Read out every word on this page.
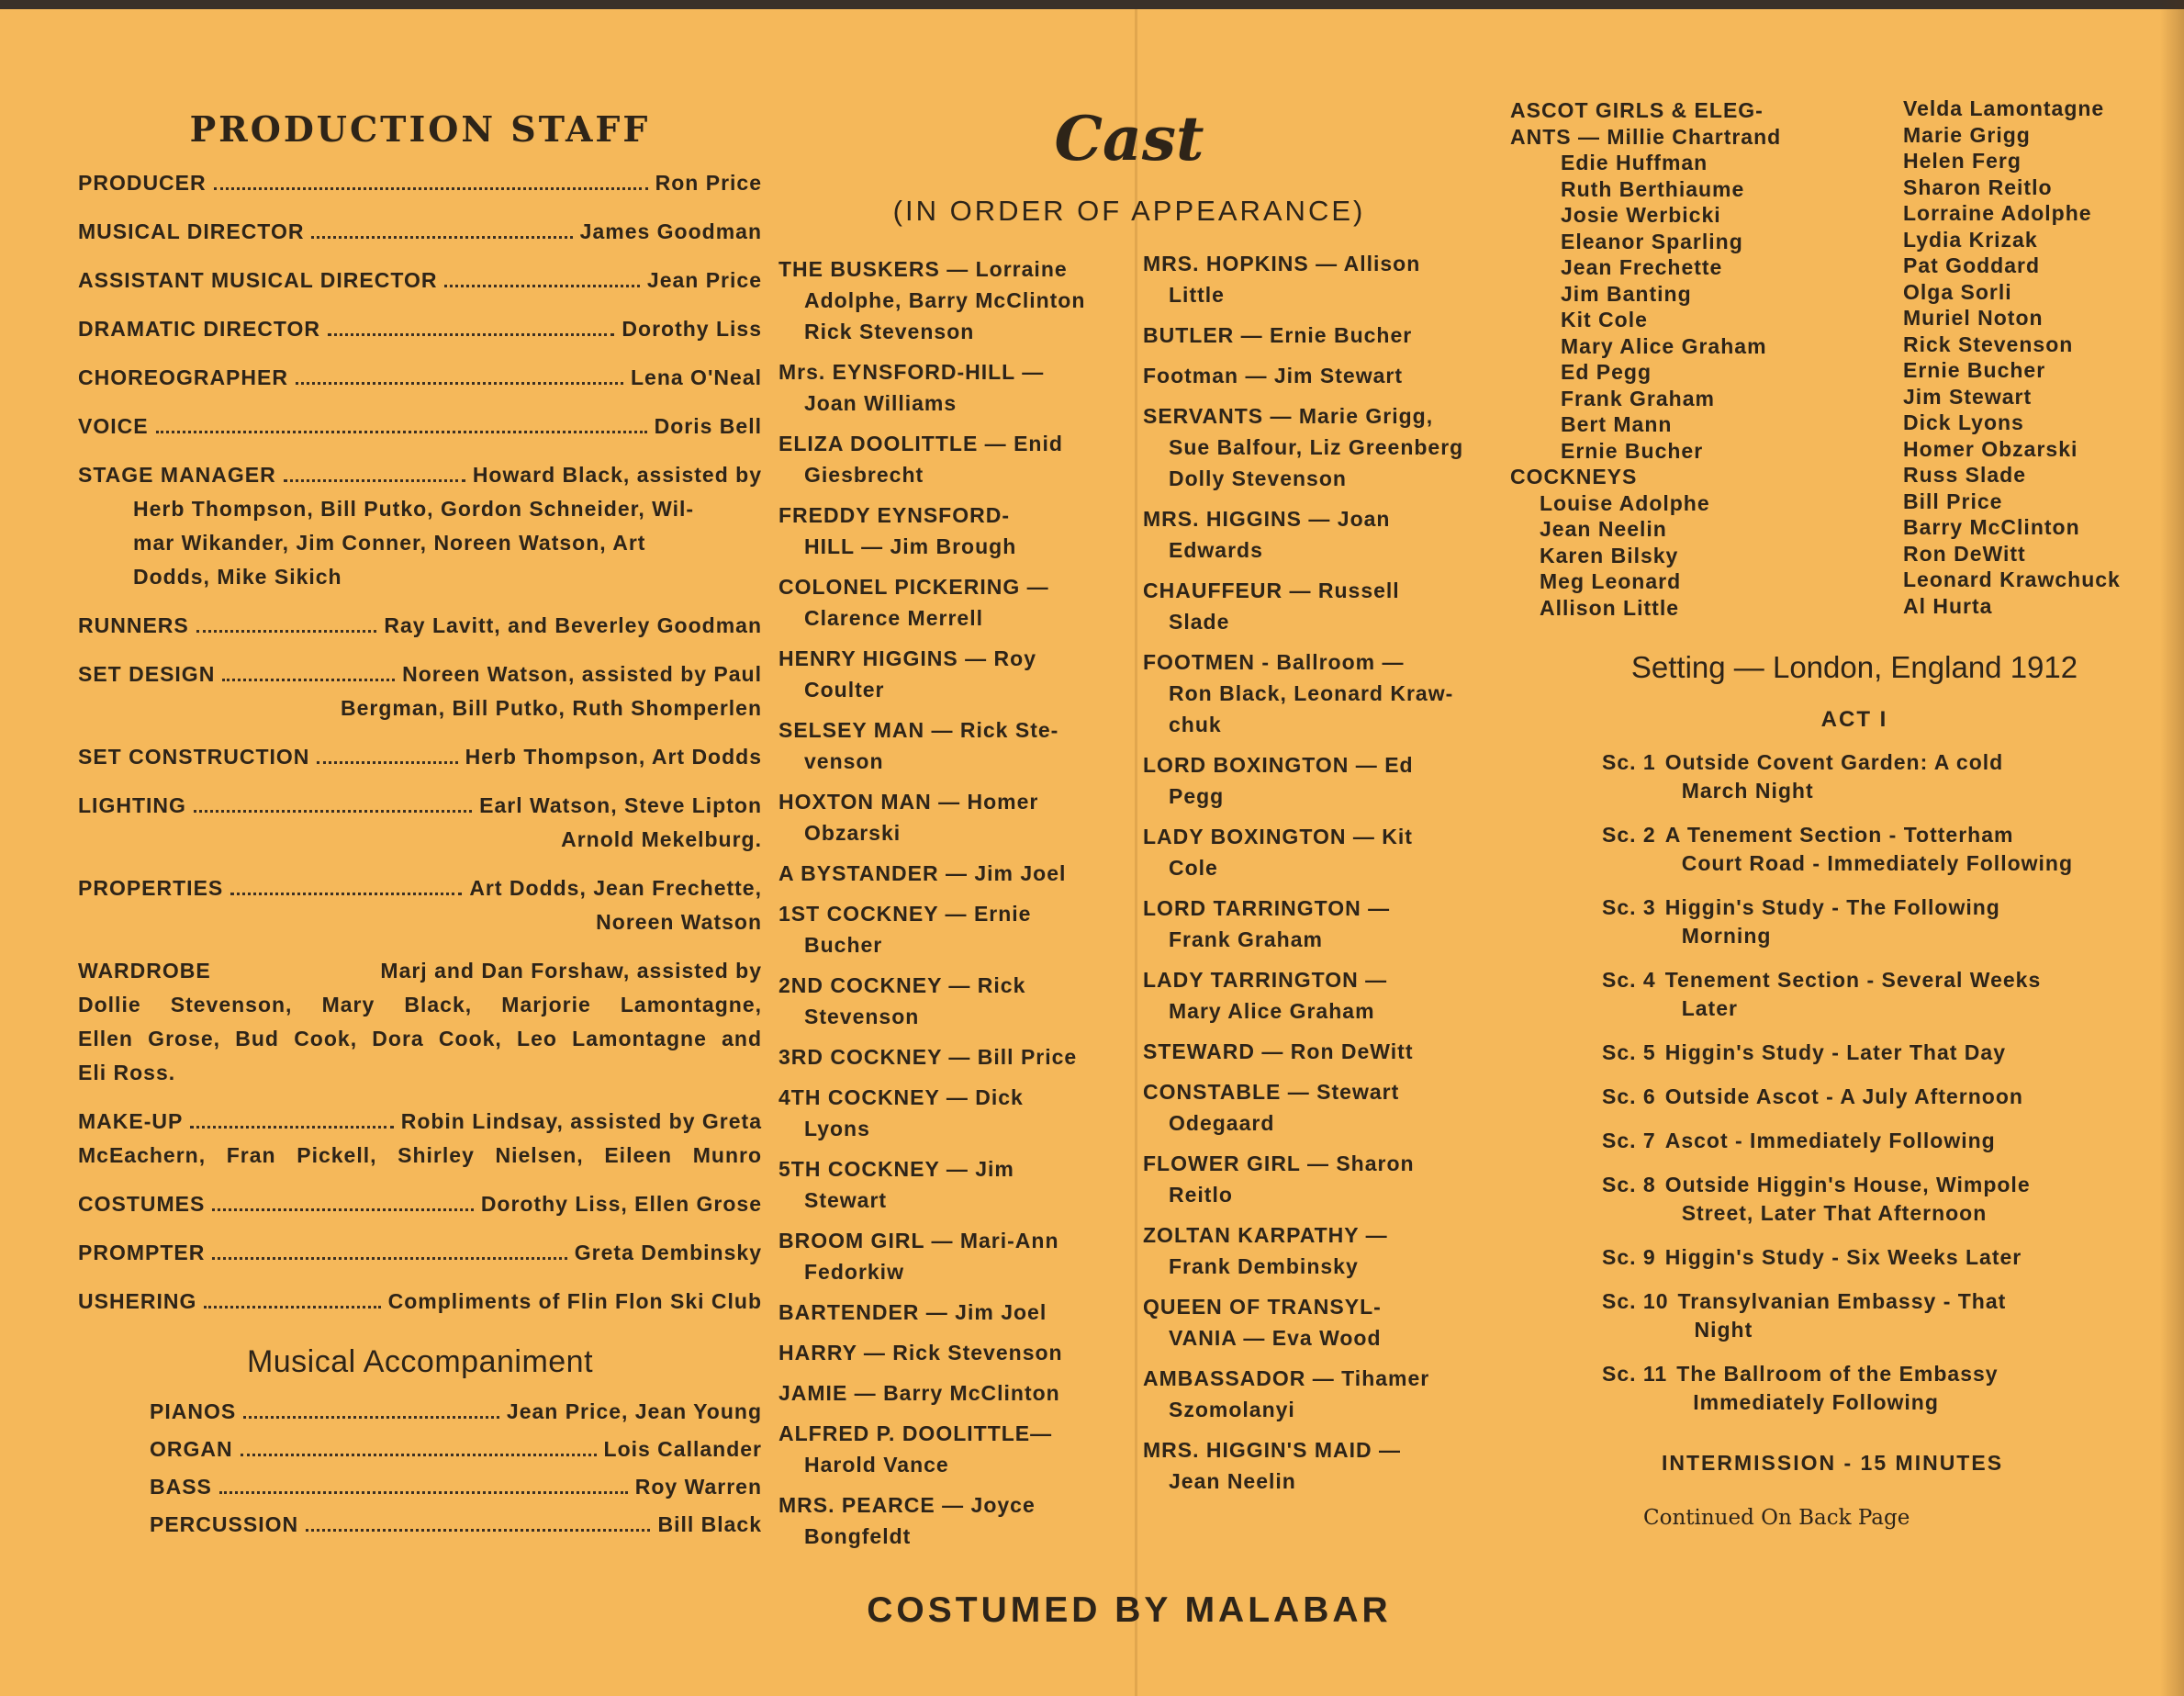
PRODUCTION STAFF
PRODUCER	Ron Price
MUSICAL DIRECTOR	James Goodman
ASSISTANT MUSICAL DIRECTOR	Jean Price
DRAMATIC DIRECTOR	Dorothy Liss
CHOREOGRAPHER	Lena O'Neal
VOICE	Doris Bell
STAGE MANAGER	Howard Black, assisted by
Herb Thompson, Bill Putko, Gordon Schneider, Wil-
mar Wikander, Jim Conner, Noreen Watson, Art
Dodds, Mike Sikich
RUNNERS	Ray Lavitt, and Beverley Goodman
SET DESIGN	Noreen Watson, assisted by Paul
Bergman, Bill Putko, Ruth Shomperlen
SET CONSTRUCTION	Herb Thompson, Art Dodds
LIGHTING	Earl Watson, Steve Lipton
Arnold Mekelburg.
PROPERTIES	Art Dodds, Jean Frechette,
Noreen Watson
WARDROBE	Marj and Dan Forshaw, assisted by
Dollie Stevenson, Mary Black, Marjorie Lamontagne,
Ellen Grose, Bud Cook, Dora Cook, Leo Lamontagne and
Eli Ross.
MAKE-UP	Robin Lindsay, assisted by Greta
McEachern, Fran Pickell, Shirley Nielsen, Eileen Munro
COSTUMES	Dorothy Liss, Ellen Grose
PROMPTER	Greta Dembinsky
USHERING	Compliments of Flin Flon Ski Club
Musical Accompaniment
PIANOS	Jean Price, Jean Young
ORGAN	Lois Callander
BASS	Roy Warren
PERCUSSION	Bill Black
Cast
(IN ORDER OF APPEARANCE)
THE BUSKERS — Lorraine
Adolphe, Barry McClinton
Rick Stevenson
Mrs. EYNSFORD-HILL —
Joan Williams
ELIZA DOOLITTLE — Enid
Giesbrecht
FREDDY EYNSFORD-
HILL — Jim Brough
COLONEL PICKERING —
Clarence Merrell
HENRY HIGGINS — Roy
Coulter
SELSEY MAN — Rick Ste-
venson
HOXTON MAN — Homer
Obzarski
A BYSTANDER — Jim Joel
1ST COCKNEY — Ernie
Bucher
2ND COCKNEY — Rick
Stevenson
3RD COCKNEY — Bill Price
4TH COCKNEY — Dick
Lyons
5TH COCKNEY — Jim
Stewart
BROOM GIRL — Mari-Ann
Fedorkiw
BARTENDER — Jim Joel
HARRY — Rick Stevenson
JAMIE — Barry McClinton
ALFRED P. DOOLITTLE—
Harold Vance
MRS. PEARCE — Joyce
Bongfeldt
MRS. HOPKINS — Allison
Little
BUTLER — Ernie Bucher
Footman — Jim Stewart
SERVANTS — Marie Grigg,
Sue Balfour, Liz Greenberg
Dolly Stevenson
MRS. HIGGINS — Joan
Edwards
CHAUFFEUR — Russell
Slade
FOOTMEN - Ballroom —
Ron Black, Leonard Kraw-
chuk
LORD BOXINGTON — Ed
Pegg
LADY BOXINGTON — Kit
Cole
LORD TARRINGTON —
Frank Graham
LADY TARRINGTON —
Mary Alice Graham
STEWARD — Ron DeWitt
CONSTABLE — Stewart
Odegaard
FLOWER GIRL — Sharon
Reitlo
ZOLTAN KARPATHY —
Frank Dembinsky
QUEEN OF TRANSYL-
VANIA — Eva Wood
AMBASSADOR — Tihamer
Szomolanyi
MRS. HIGGIN'S MAID —
Jean Neelin
ASCOT GIRLS & ELEG-
ANTS — Millie Chartrand
Edie Huffman
Ruth Berthiaume
Josie Werbicki
Eleanor Sparling
Jean Frechette
Jim Banting
Kit Cole
Mary Alice Graham
Ed Pegg
Frank Graham
Bert Mann
Ernie Bucher
COCKNEYS
Louise Adolphe
Jean Neelin
Karen Bilsky
Meg Leonard
Allison Little
Velda Lamontagne
Marie Grigg
Helen Ferg
Sharon Reitlo
Lorraine Adolphe
Lydia Krizak
Pat Goddard
Olga Sorli
Muriel Noton
Rick Stevenson
Ernie Bucher
Jim Stewart
Dick Lyons
Homer Obzarski
Russ Slade
Bill Price
Barry McClinton
Ron DeWitt
Leonard Krawchuck
Al Hurta
Setting — London, England 1912
ACT I
Sc. 1 Outside Covent Garden: A cold
March Night
Sc. 2 A Tenement Section - Totterham
Court Road - Immediately Following
Sc. 3 Higgin's Study - The Following
Morning
Sc. 4 Tenement Section - Several Weeks
Later
Sc. 5 Higgin's Study - Later That Day
Sc. 6 Outside Ascot - A July Afternoon
Sc. 7 Ascot - Immediately Following
Sc. 8 Outside Higgin's House, Wimpole
Street, Later That Afternoon
Sc. 9 Higgin's Study - Six Weeks Later
Sc. 10 Transylvanian Embassy - That
Night
Sc. 11 The Ballroom of the Embassy
Immediately Following
INTERMISSION - 15 MINUTES
Continued On Back Page
COSTUMED BY MALABAR
